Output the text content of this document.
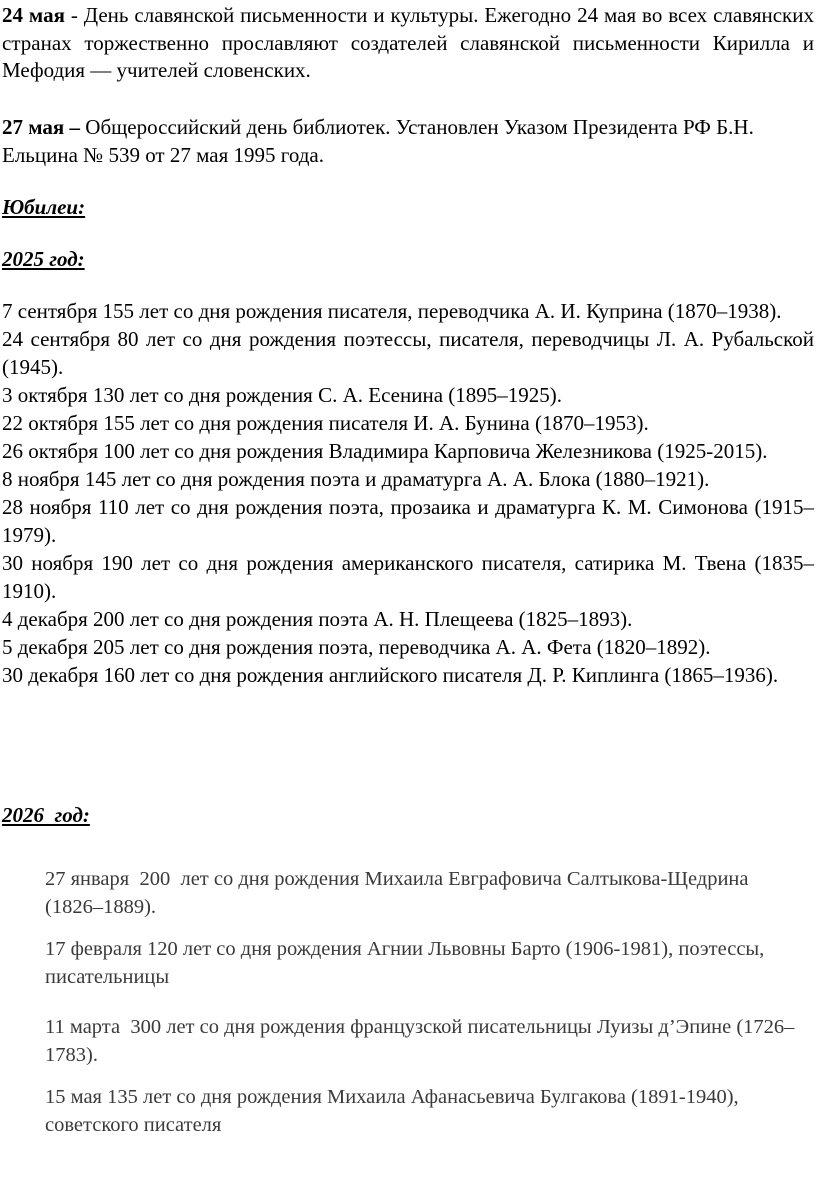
24 мая - День славянской письменности и культуры. Ежегодно 24 мая во всех славянских странах торжественно прославляют создателей славянской письменности Кирилла и Мефодия — учителей словенских.

27 мая – Общероссийский день библиотек. Установлен Указом Президента РФ Б.Н. Ельцина № 539 от 27 мая 1995 года.

Юбилеи:

2025 год:

7 сентября 155 лет со дня рождения писателя, переводчика А. И. Куприна (1870–1938).

24 сентября 80 лет со дня рождения поэтессы, писателя, переводчицы Л. А. Рубальской (1945).

3 октября 130 лет со дня рождения С. А. Есенина (1895–1925).

22 октября 155 лет со дня рождения писателя И. А. Бунина (1870–1953).

26 октября 100 лет со дня рождения Владимира Карповича Железникова (1925-2015).

8 ноября 145 лет со дня рождения поэта и драматурга А. А. Блока (1880–1921).

28 ноября 110 лет со дня рождения поэта, прозаика и драматурга К. М. Симонова (1915–1979).

30 ноября 190 лет со дня рождения американского писателя, сатирика М. Твена (1835–1910).

4 декабря 200 лет со дня рождения поэта А. Н. Плещеева (1825–1893).

5 декабря 205 лет со дня рождения поэта, переводчика А. А. Фета (1820–1892).

30 декабря 160 лет со дня рождения английского писателя Д. Р. Киплинга (1865–1936).

2026  год:

27 января  200  лет со дня рождения Михаила Евграфовича Салтыкова-Щедрина (1826–1889).

17 февраля 120 лет со дня рождения Агнии Львовны Барто (1906-1981), поэтессы, писательницы

11 марта  300 лет со дня рождения французской писательницы Луизы д’Эпине (1726–1783).

15 мая 135 лет со дня рождения Михаила Афанасьевича Булгакова (1891-1940), советского писателя
